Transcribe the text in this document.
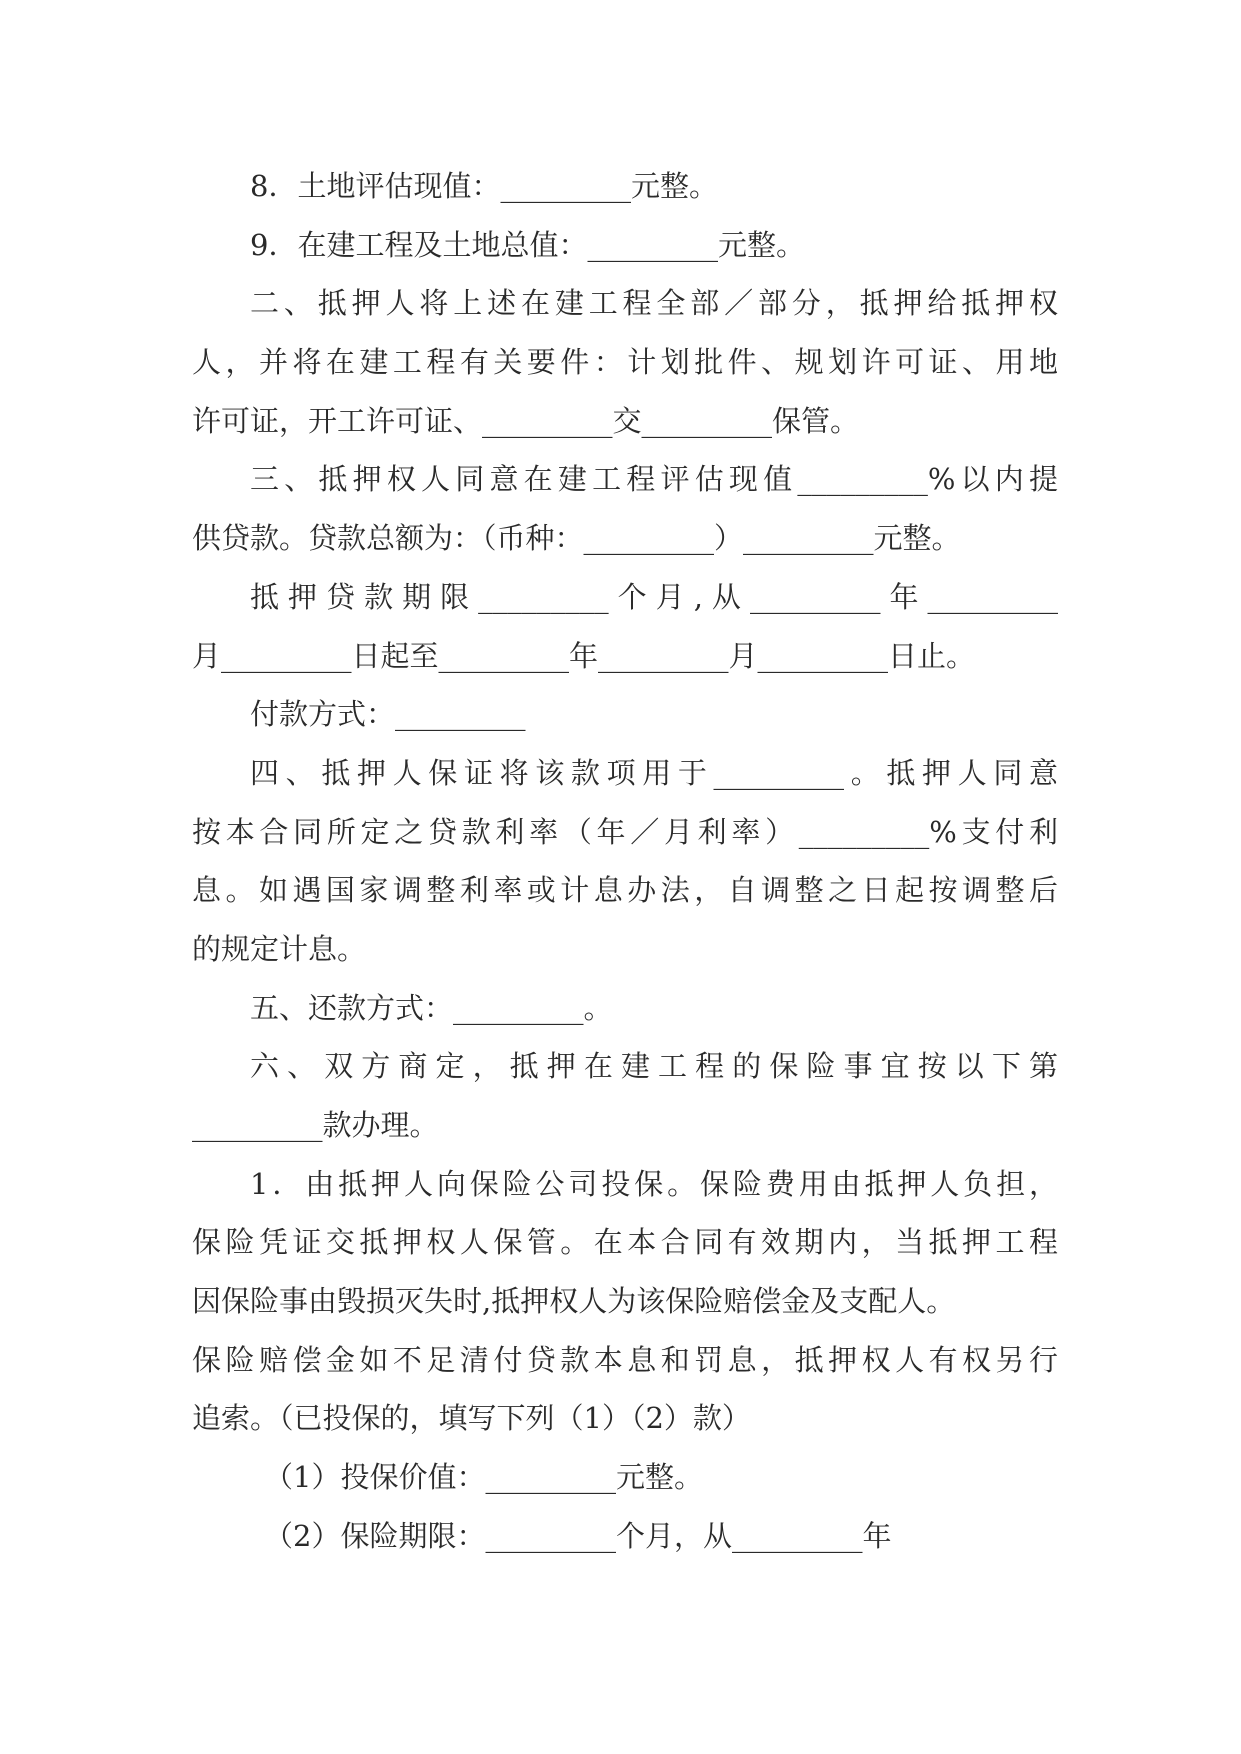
8．土地评估现值：_________元整。
9．在建工程及土地总值：_________元整。
二、抵押人将上述在建工程全部／部分，抵押给抵押权
人，并将在建工程有关要件：计划批件、规划许可证、用地
许可证，开工许可证、_________交_________保管。
三、抵押权人同意在建工程评估现值_________%以内提
供贷款。贷款总额为：（币种：_________）_________元整。
抵押贷款期限_________个月,从_________年_________
月_________日起至_________年_________月_________日止。
付款方式：_________
四、抵押人保证将该款项用于_________。抵押人同意
按本合同所定之贷款利率（年／月利率）_________%支付利
息。如遇国家调整利率或计息办法，自调整之日起按调整后
的规定计息。
五、还款方式：_________。
六、双方商定，抵押在建工程的保险事宜按以下第
_________款办理。
1．由抵押人向保险公司投保。保险费用由抵押人负担，
保险凭证交抵押权人保管。在本合同有效期内，当抵押工程
因保险事由毁损灭失时,抵押权人为该保险赔偿金及支配人。
保险赔偿金如不足清付贷款本息和罚息，抵押权人有权另行
追索。（已投保的，填写下列（1）（2）款）
（1）投保价值：_________元整。
（2）保险期限：_________个月，从_________年
